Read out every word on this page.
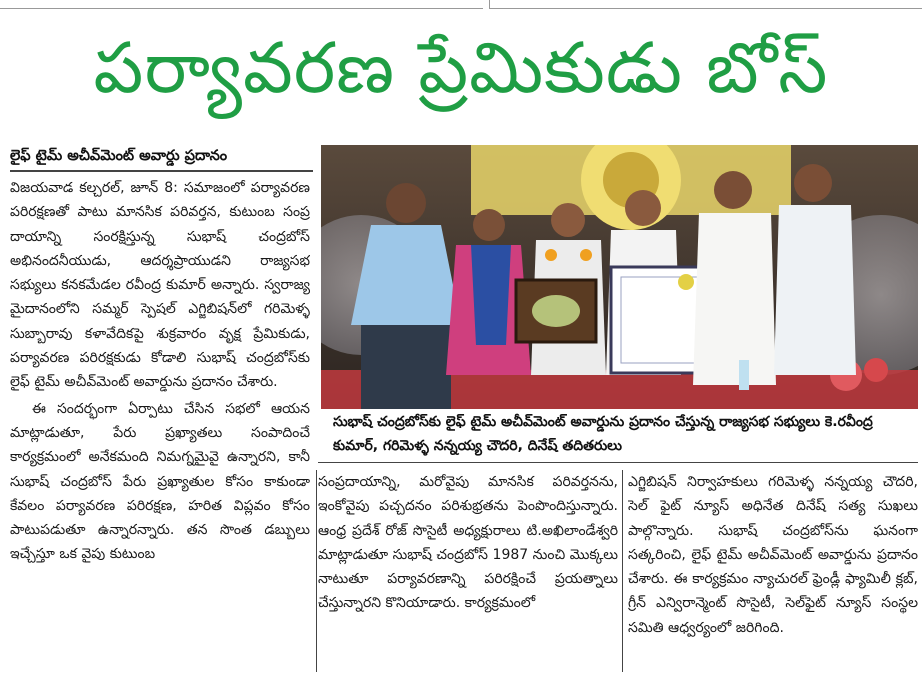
పర్యావరణ ప్రేమికుడు బోస్
లైఫ్ టైమ్ అచీవ్‌మెంట్ అవార్డు ప్రదానం

విజయవాడ కల్చరల్, జూన్ 8: సమాజంలో పర్యావరణ పరిరక్షణతో పాటు మానసిక పరివర్తన, కుటుంబ సంప్ర దాయాన్ని సంరక్షిస్తున్న సుభాష్ చంద్రబోస్ అభినందనీయుడు, ఆదర్శప్రాయుడని రాజ్యసభ సభ్యులు కనకమేడల రవీంద్ర కుమార్ అన్నారు. స్వరాజ్య మైదానంలోని సమ్మర్ స్పెషల్ ఎగ్జిబిషన్‌లో గరిమెళ్ళ సుబ్బారావు కళావేదికపై శుక్రవారం వృక్ష ప్రేమికుడు, పర్యావరణ పరిరక్షకుడు కోడాలి సుభాష్ చంద్రబోస్‌కు లైఫ్ టైమ్ అచీవ్‌మెంట్ అవార్డును ప్రదానం చేశారు.

ఈ సందర్భంగా ఏర్పాటు చేసిన సభలో ఆయన మాట్లాడుతూ, పేరు ప్రఖ్యాతలు సంపాదించే కార్యక్రమంలో అనేకమంది నిమగ్నమైవై ఉన్నారని, కానీ సుభాష్ చంద్రబోస్ పేరు ప్రఖ్యాతుల కోసం కాకుండా కేవలం పర్యావరణ పరిరక్షణ, హరిత విప్లవం కోసం పాటుపడుతూ ఉన్నారన్నారు. తన సొంత డబ్బులు ఇచ్చేస్తూ ఒక వైపు కుటుంబ

సుభాష్ చంద్రబోస్‌కు లైఫ్ టైమ్ అచీవ్‌మెంట్ అవార్డును ప్రదానం చేస్తున్న రాజ్యసభ సభ్యులు కె.రవీంద్ర కుమార్, గరిమెళ్ళ నన్నయ్య చౌదరి, దినేష్ తదితరులు
సంప్రదాయాన్ని, మరోవైపు మానసిక పరివర్తనను, ఇంకోవైపు పచ్చదనం పరిశుభ్రతను పెంపొందిస్తున్నారు. ఆంధ్ర ప్రదేశ్ రోజ్ సొసైటీ అధ్యక్షురాలు టి.అఖిలాండేశ్వరి మాట్లాడుతూ సుభాష్ చంద్రబోస్ 1987 నుంచి మొక్కలు నాటుతూ పర్యావరణాన్ని పరిరక్షించే ప్రయత్నాలు చేస్తున్నారని కొనియాడారు. కార్యక్రమంలో
ఎగ్జిబిషన్ నిర్వాహకులు గరిమెళ్ళ నన్నయ్య చౌదరి, సెల్ ఫైట్ న్యూస్ అధినేత దినేష్ సత్య సుఖలు పాల్గొన్నారు. సుభాష్ చంద్రబోస్‌ను ఘనంగా సత్కరించి, లైఫ్ టైమ్ అచీవ్‌మెంట్ అవార్డును ప్రదానం చేశారు. ఈ కార్యక్రమం న్యాచురల్ ఫ్రెండ్లీ ఫ్యామిలీ క్లబ్, గ్రీన్ ఎన్విరాన్మెంట్ సొసైటీ, సెల్‌ఫైట్ న్యూస్ సంస్థల సమితి ఆధ్వర్యంలో జరిగింది.
